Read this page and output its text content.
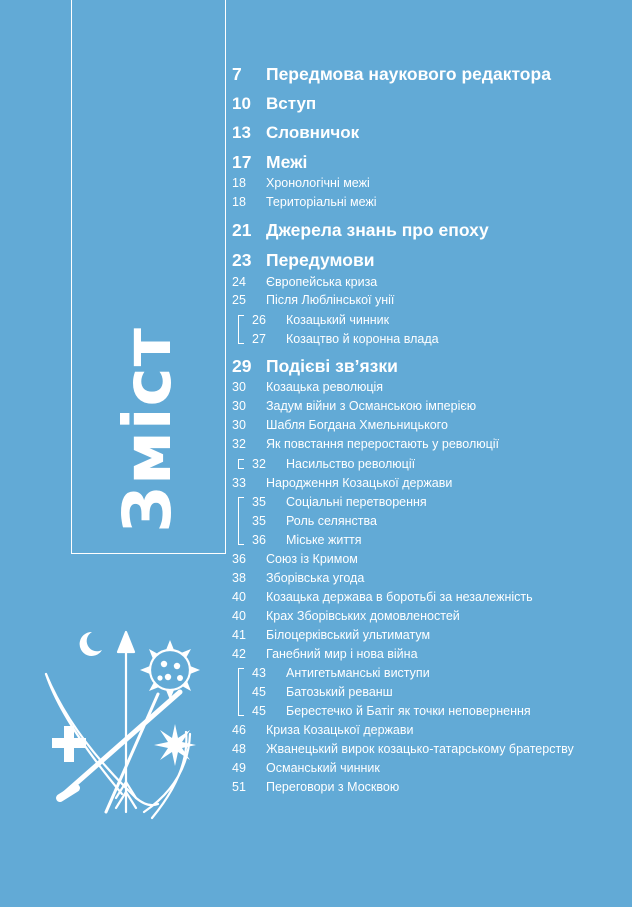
Зміст
7 Передмова наукового редактора
10 Вступ
13 Словничок
17 Межі
18 Хронологічні межі
18 Територіальні межі
21 Джерела знань про епоху
23 Передумови
24 Європейська криза
25 Після Люблінської унії
26 Козацький чинник
27 Козацтво й коронна влада
29 Подієві зв’язки
30 Козацька революція
30 Задум війни з Османською імперією
30 Шабля Богдана Хмельницького
32 Як повстання переростають у революції
32 Насильство революції
33 Народження Козацької держави
35 Соціальні перетворення
35 Роль селянства
36 Міське життя
36 Союз із Кримом
38 Зборівська угода
40 Козацька держава в боротьбі за незалежність
40 Крах Зборівських домовленостей
41 Білоцерківський ультиматум
42 Ганебний мир і нова війна
43 Антигетьманські виступи
45 Батозький реванш
45 Берестечко й Батіг як точки неповернення
46 Криза Козацької держави
48 Жванецький вирок козацько-татарському братерству
49 Османський чинник
51 Переговори з Москвою
